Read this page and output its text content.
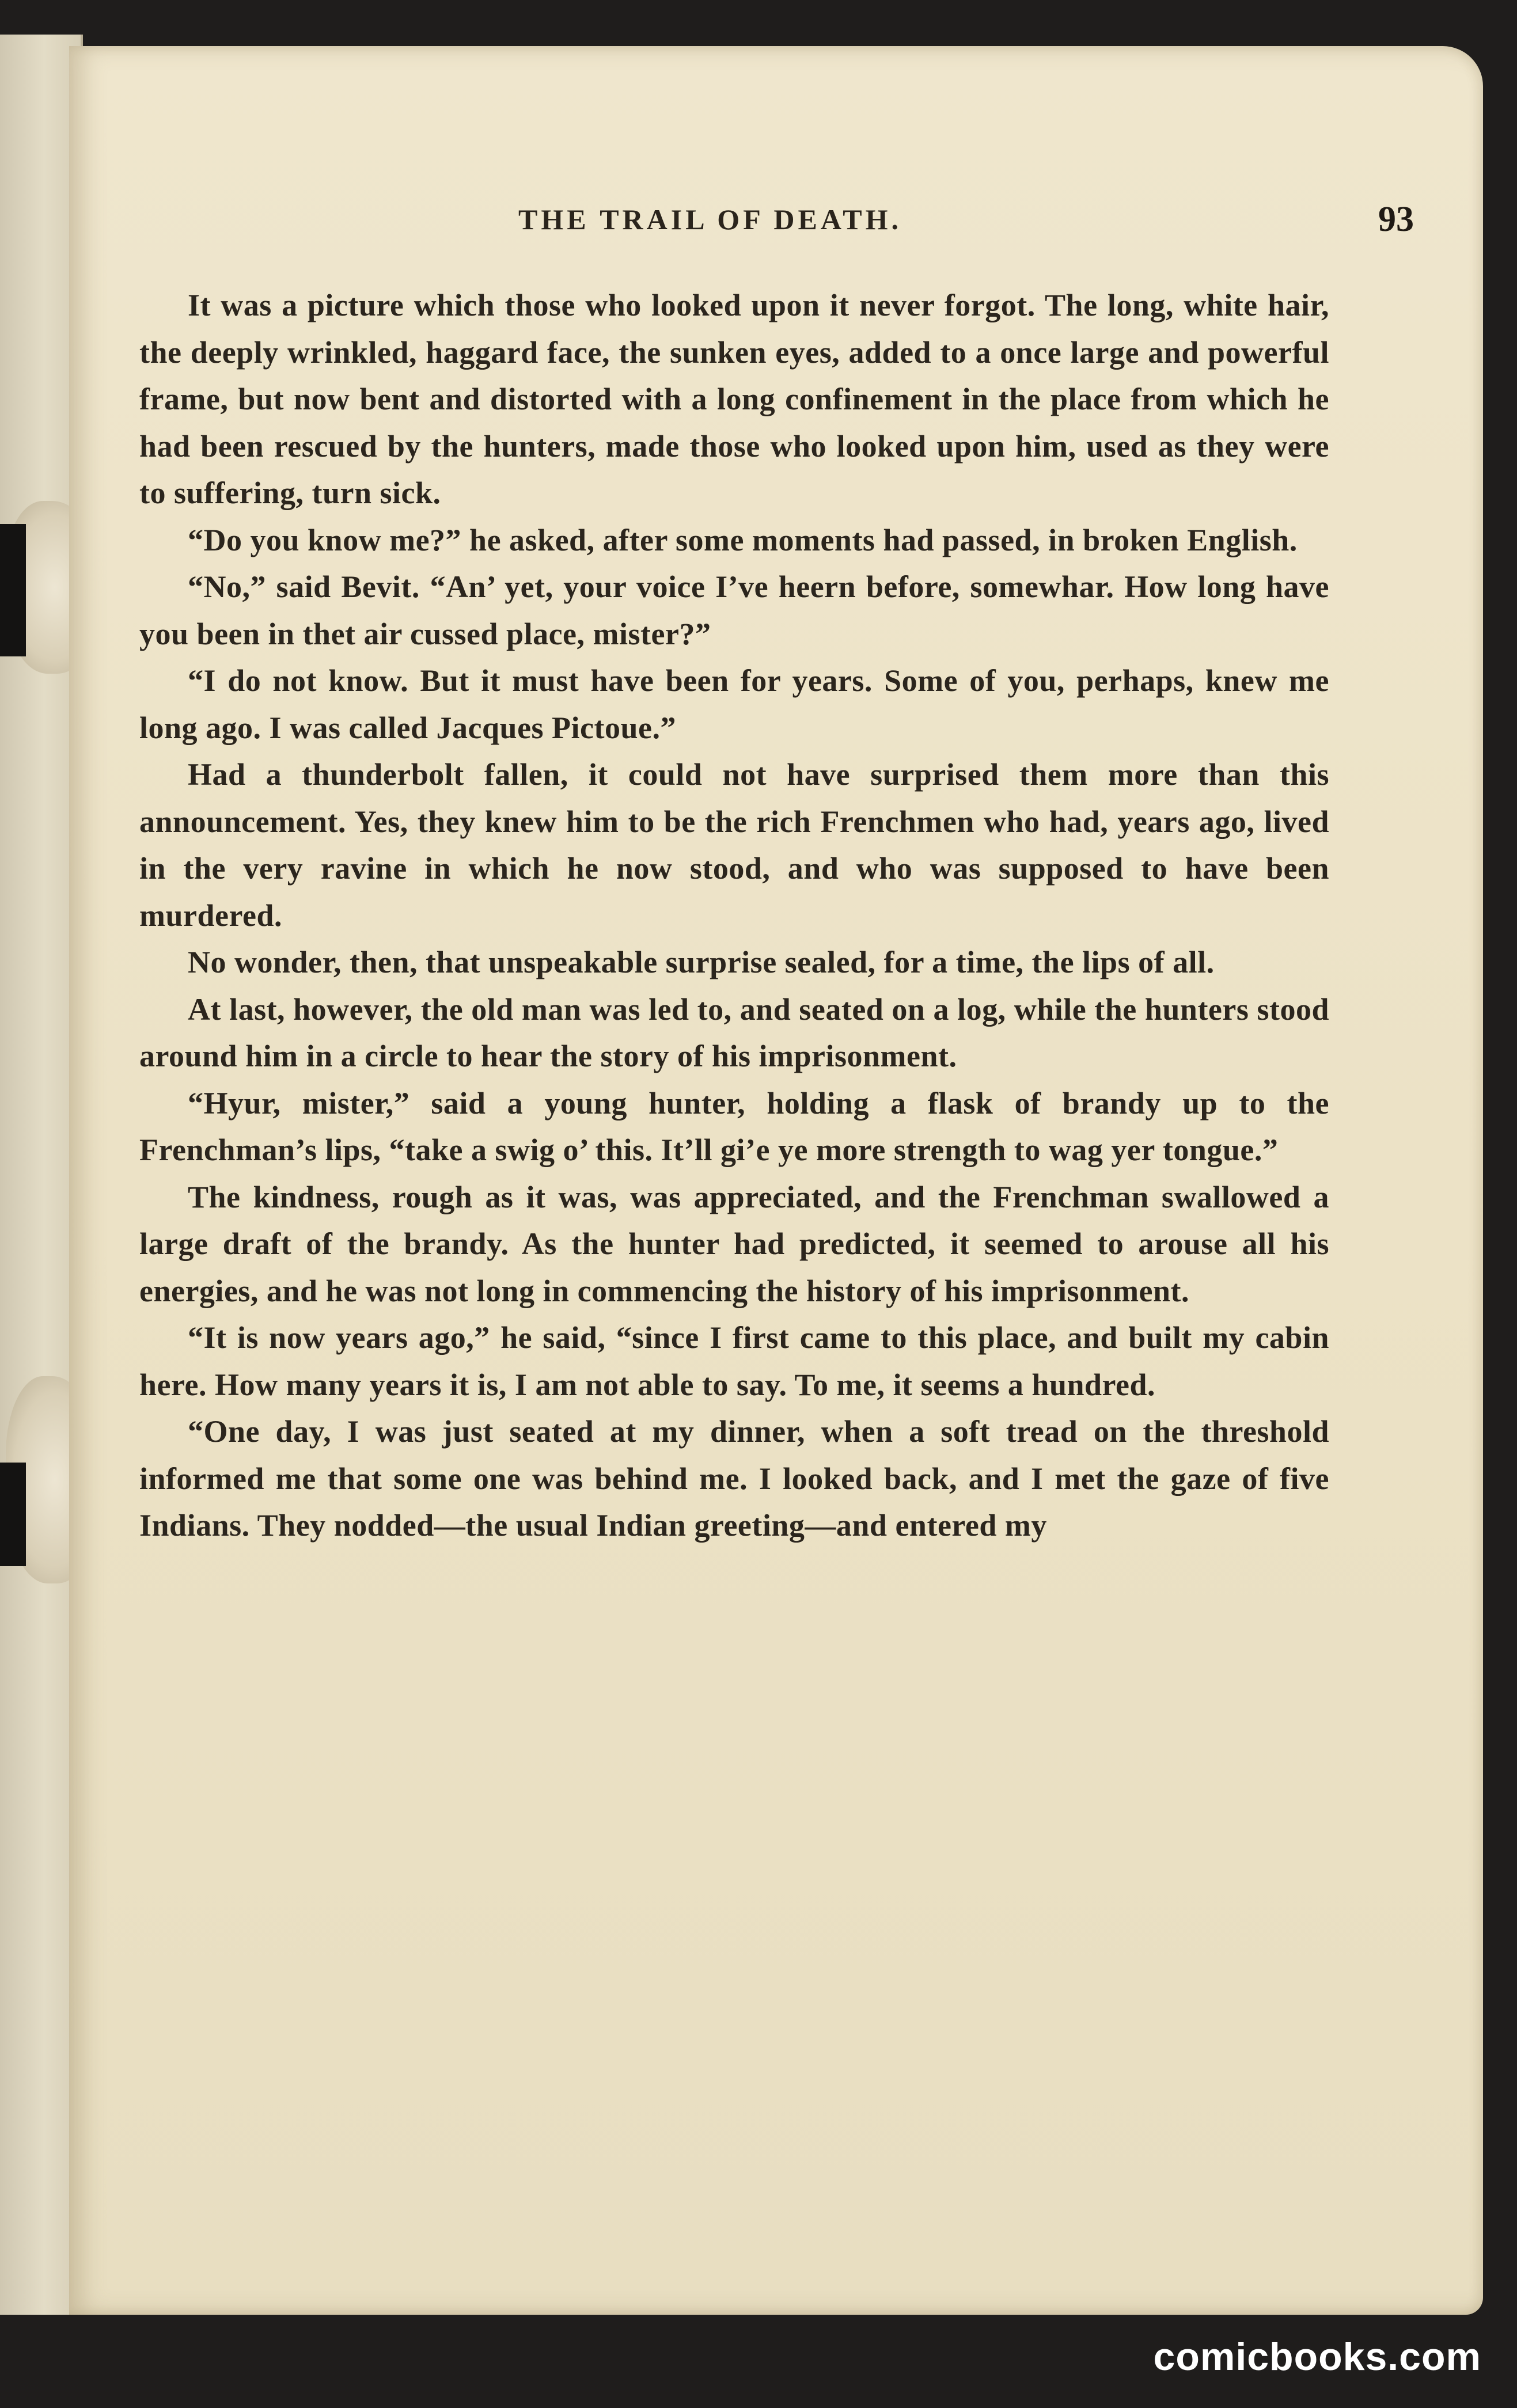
THE TRAIL OF DEATH.	93

It was a picture which those who looked upon it never forgot. The long, white hair, the deeply wrinkled, haggard face, the sunken eyes, added to a once large and powerful frame, but now bent and distorted with a long confinement in the place from which he had been rescued by the hunters, made those who looked upon him, used as they were to suffering, turn sick.

“Do you know me?” he asked, after some moments had passed, in broken English.

“No,” said Bevit. “An’ yet, your voice I’ve heern before, somewhar. How long have you been in thet air cussed place, mister?”

“I do not know. But it must have been for years. Some of you, perhaps, knew me long ago. I was called Jacques Pictoue.”

Had a thunderbolt fallen, it could not have surprised them more than this announcement. Yes, they knew him to be the rich Frenchmen who had, years ago, lived in the very ravine in which he now stood, and who was supposed to have been murdered.

No wonder, then, that unspeakable surprise sealed, for a time, the lips of all.

At last, however, the old man was led to, and seated on a log, while the hunters stood around him in a circle to hear the story of his imprisonment.

“Hyur, mister,” said a young hunter, holding a flask of brandy up to the Frenchman’s lips, “take a swig o’ this. It’ll gi’e ye more strength to wag yer tongue.”

The kindness, rough as it was, was appreciated, and the Frenchman swallowed a large draft of the brandy. As the hunter had predicted, it seemed to arouse all his energies, and he was not long in commencing the history of his imprisonment.

“It is now years ago,” he said, “since I first came to this place, and built my cabin here. How many years it is, I am not able to say. To me, it seems a hundred.

“One day, I was just seated at my dinner, when a soft tread on the threshold informed me that some one was behind me. I looked back, and I met the gaze of five Indians. They nodded—the usual Indian greeting—and entered my

comicbooks.com
